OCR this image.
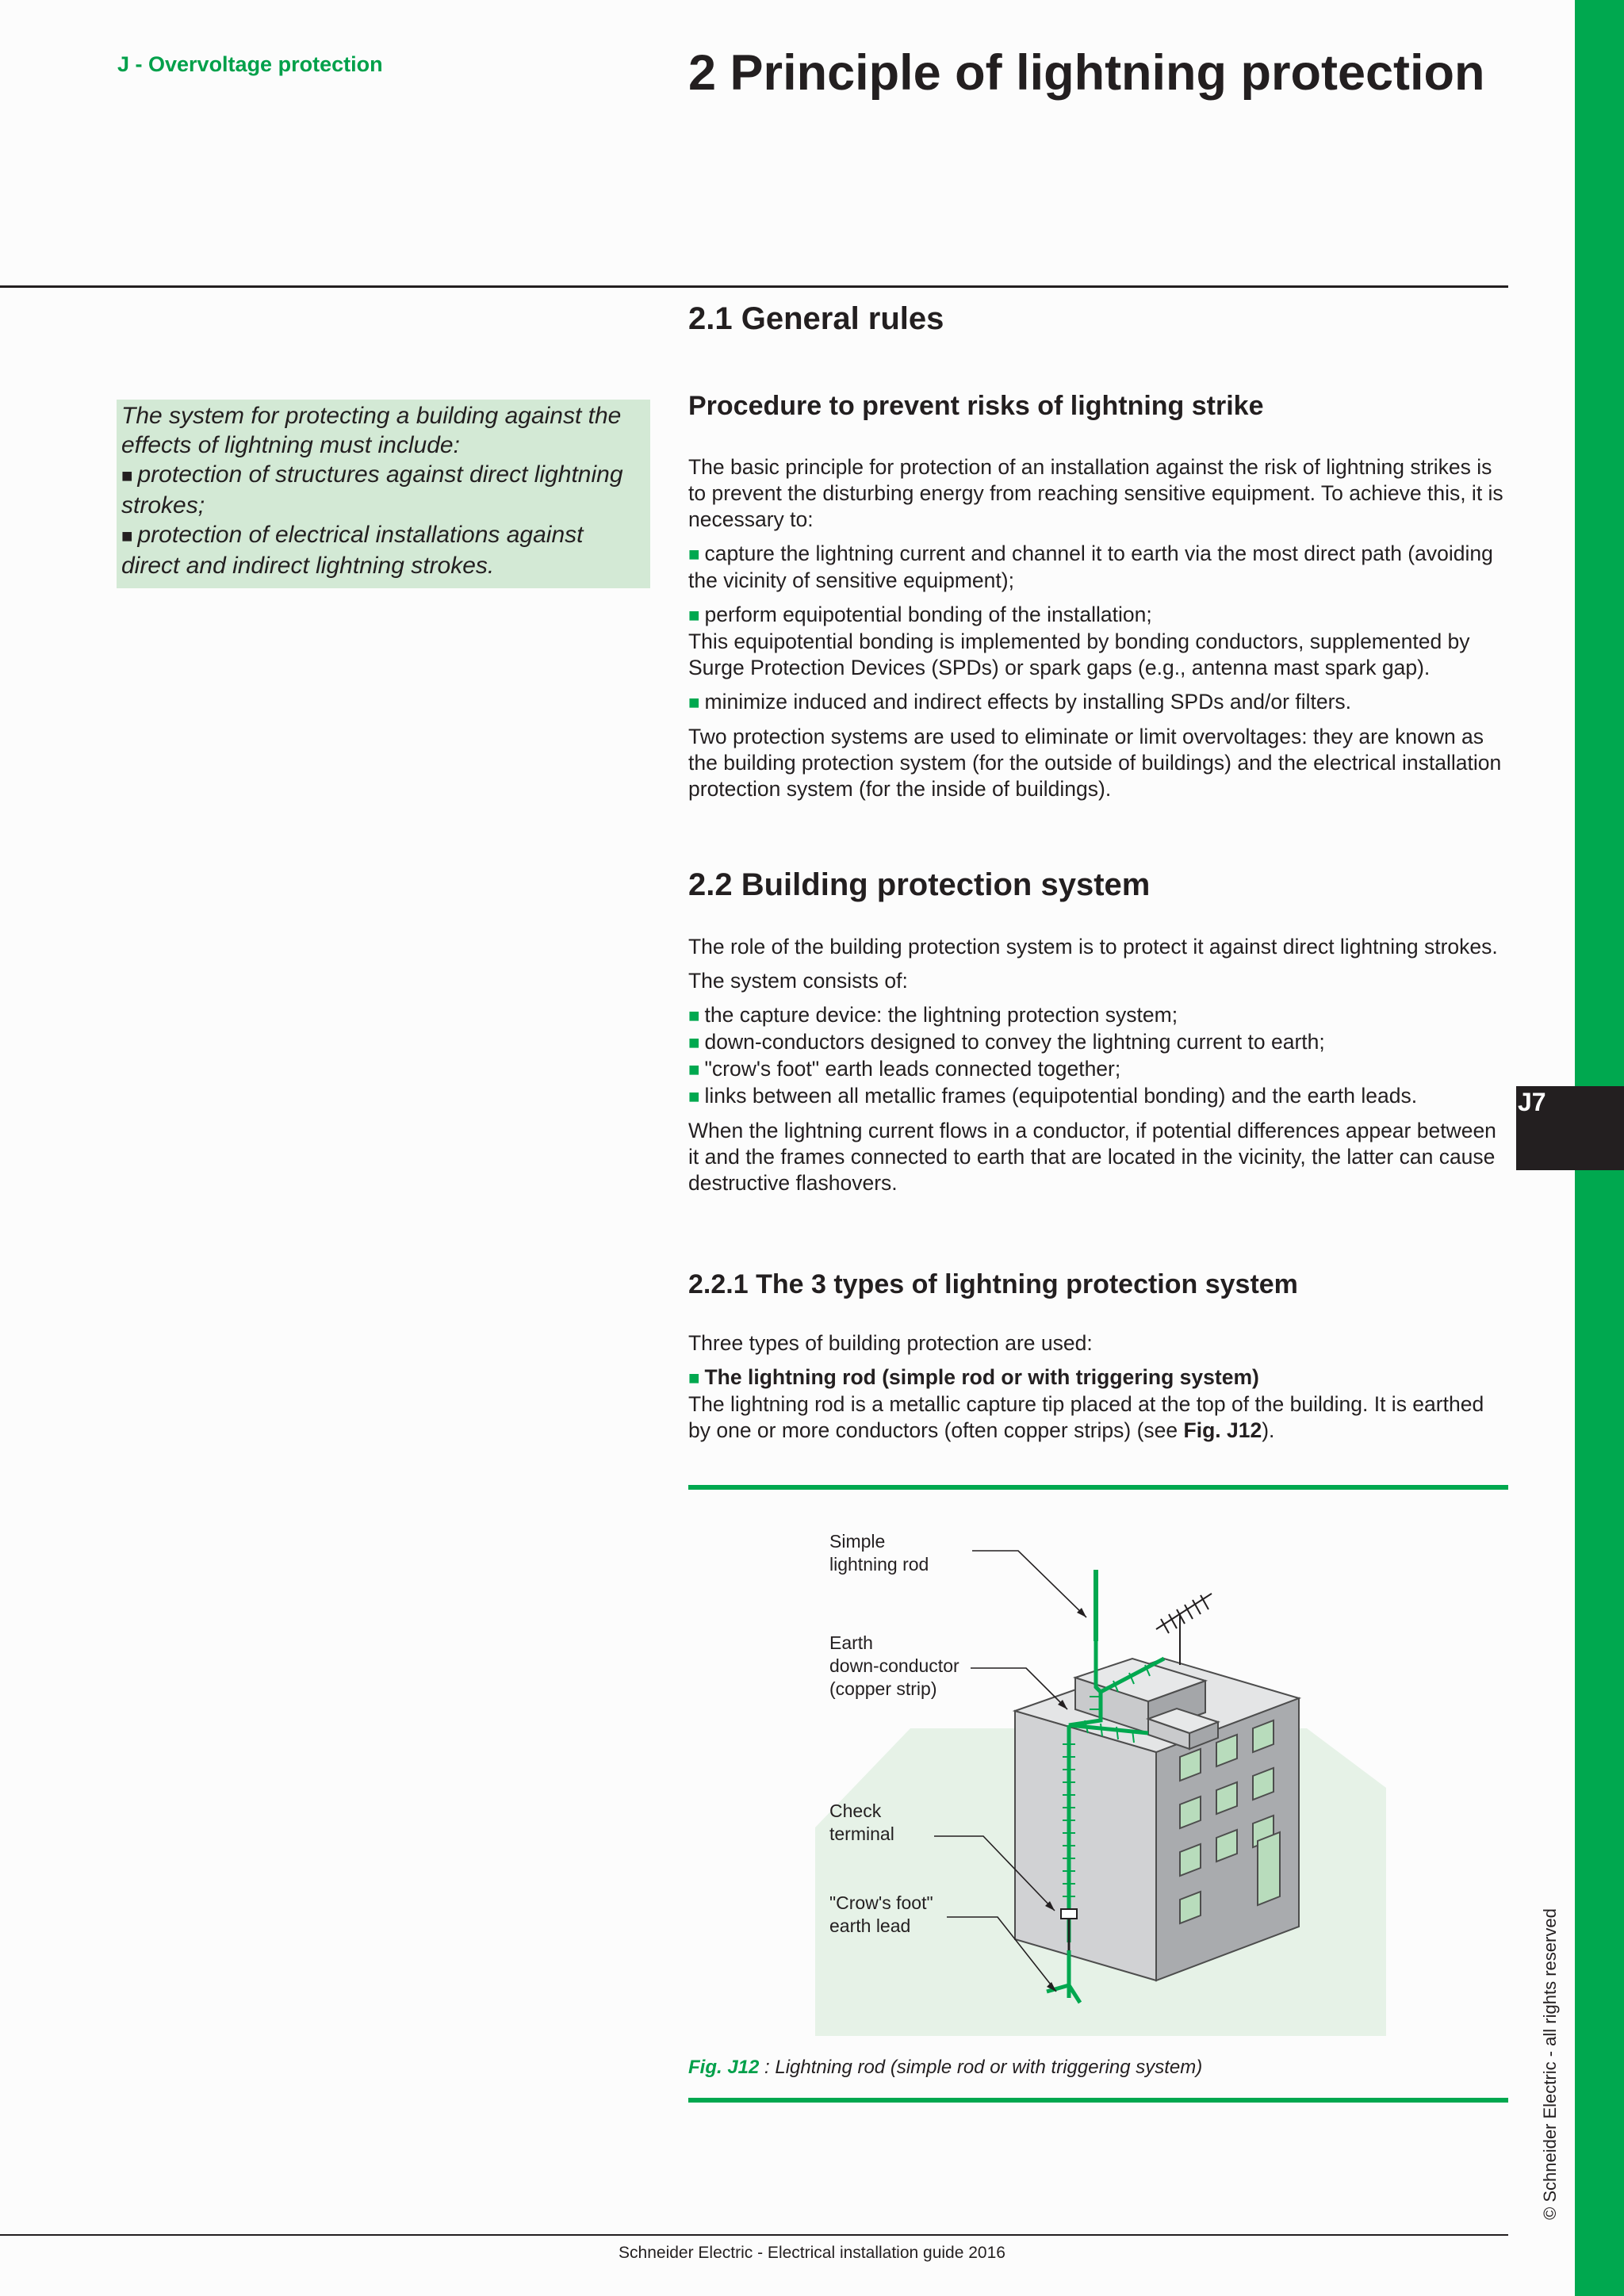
J - Overvoltage protection	2 Principle of lightning protection
The system for protecting a building against the effects of lightning must include:
■ protection of structures against direct lightning strokes;
■ protection of electrical installations against direct and indirect lightning strokes.
2.1 General rules
Procedure to prevent risks of lightning strike

The basic principle for protection of an installation against the risk of lightning strikes is to prevent the disturbing energy from reaching sensitive equipment. To achieve this, it is necessary to:

■ capture the lightning current and channel it to earth via the most direct path (avoiding the vicinity of sensitive equipment);

■ perform equipotential bonding of the installation;
This equipotential bonding is implemented by bonding conductors, supplemented by Surge Protection Devices (SPDs) or spark gaps (e.g., antenna mast spark gap).

■ minimize induced and indirect effects by installing SPDs and/or filters.

Two protection systems are used to eliminate or limit overvoltages: they are known as the building protection system (for the outside of buildings) and the electrical installation protection system (for the inside of buildings).

2.2 Building protection system

The role of the building protection system is to protect it against direct lightning strokes.

The system consists of:

■ the capture device: the lightning protection system;
■ down-conductors designed to convey the lightning current to earth;
■ "crow's foot" earth leads connected together;
■ links between all metallic frames (equipotential bonding) and the earth leads.

When the lightning current flows in a conductor, if potential differences appear between it and the frames connected to earth that are located in the vicinity, the latter can cause destructive flashovers.

2.2.1 The 3 types of lightning protection system

Three types of building protection are used:

■ The lightning rod (simple rod or with triggering system)
The lightning rod is a metallic capture tip placed at the top of the building. It is earthed by one or more conductors (often copper strips) (see Fig. J12).

Simple
lightning rod
Earth
down-conductor
(copper strip)
Check
terminal
"Crow's foot"
earth lead
Fig. J12 : Lightning rod (simple rod or with triggering system)
J7
© Schneider Electric - all rights reserved
Schneider Electric - Electrical installation guide 2016
